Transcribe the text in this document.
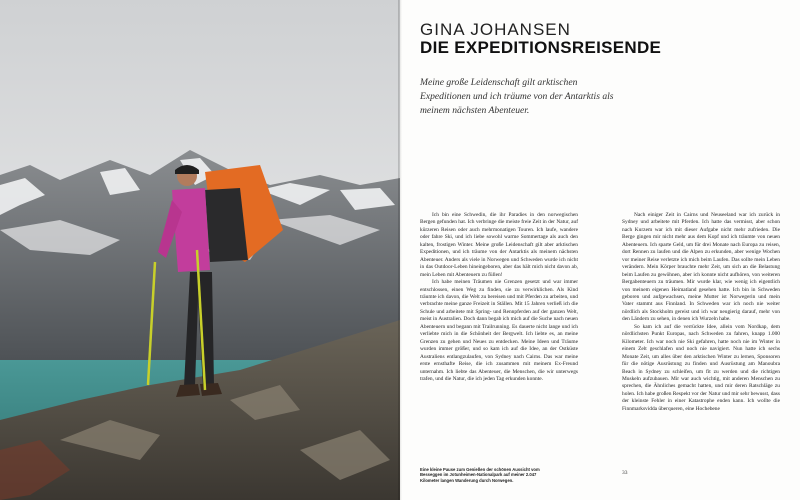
GINA JOHANSEN
DIE EXPEDITIONSREISENDE
Meine große Leidenschaft gilt arktischen Expeditionen und ich träume von der Antarktis als meinem nächsten Abenteuer.

Ich bin eine Schwedin, die ihr Paradies in den norwegischen Bergen gefunden hat. Ich verbringe die meiste freie Zeit in der Natur, auf kürzeren Reisen oder auch mehrmonatigen Touren. Ich laufe, wandere oder fahre Ski, und ich liebe sowohl warme Sommertage als auch den kalten, frostigen Winter. Meine große Leidenschaft gilt aber arktischen Expeditionen, und ich träume von der Antarktis als meinem nächsten Abenteuer. Anders als viele in Norwegen und Schweden wurde ich nicht in das Outdoor-Leben hineingeboren, aber das hält mich nicht davon ab, mein Leben mit Abenteuern zu füllen!

Ich habe meinen Träumen nie Grenzen gesetzt und war immer entschlossen, einen Weg zu finden, sie zu verwirklichen. Als Kind träumte ich davon, die Welt zu bereisen und mit Pferden zu arbeiten, und verbrachte meine ganze Freizeit in Ställen. Mit 15 Jahren verließ ich die Schule und arbeitete mit Spring- und Rennpferden auf der ganzen Welt, meist in Australien. Doch dann begab ich mich auf die Suche nach neuen Abenteuern und begann mit Trailrunning. Es dauerte nicht lange und ich verliebte mich in die Schönheit der Bergwelt. Ich liebte es, an meine Grenzen zu gehen und Neues zu entdecken. Meine Ideen und Träume wurden immer größer, und so kam ich auf die Idee, an der Ostküste Australiens entlangzulaufen, von Sydney nach Cairns. Das war meine erste ernsthafte Reise, die ich zusammen mit meinem Ex-Freund unternahm. Ich liebte das Abenteuer, die Menschen, die wir unterwegs trafen, und die Natur, die ich jeden Tag erkunden konnte.

Nach einiger Zeit in Cairns und Neuseeland war ich zurück in Sydney und arbeitete mit Pferden. Ich hatte das vermisst, aber schon nach Kurzem war ich mit dieser Aufgabe nicht mehr zufrieden. Die Berge gingen mir nicht mehr aus dem Kopf und ich träumte von neuen Abenteuern. Ich sparte Geld, um für drei Monate nach Europa zu reisen, dort Rennen zu laufen und die Alpen zu erkunden, aber wenige Wochen vor meiner Reise verletzte ich mich beim Laufen. Das sollte mein Leben verändern. Mein Körper brauchte mehr Zeit, um sich an die Belastung beim Laufen zu gewöhnen, aber ich konnte nicht aufhören, von weiteren Bergabenteuern zu träumen. Mir wurde klar, wie wenig ich eigentlich von meinem eigenen Heimatland gesehen hatte. Ich bin in Schweden geboren und aufgewachsen, meine Mutter ist Norwegerin und mein Vater stammt aus Finnland. In Schweden war ich noch nie weiter nördlich als Stockholm gereist und ich war neugierig darauf, mehr von den Ländern zu sehen, in denen ich Wurzeln habe.

So kam ich auf die verrückte Idee, allein vom Nordkap, dem nördlichsten Punkt Europas, nach Schweden zu fahren, knapp 1.000 Kilometer. Ich war noch nie Ski gefahren, hatte noch nie im Winter in einem Zelt geschlafen und noch nie navigiert. Nun hatte ich sechs Monate Zeit, um alles über den arktischen Winter zu lernen, Sponsoren für die nötige Ausrüstung zu finden und Ausrüstung am Manoubra Beach in Sydney zu schleifen, um fit zu werden und die richtigen Muskeln aufzubauen. Mir war auch wichtig, mit anderen Menschen zu sprechen, die Ähnliches gemacht hatten, und mir deren Ratschläge zu holen. Ich habe großen Respekt vor der Natur und mir sehr bewusst, dass der kleinste Fehler in einer Katastrophe enden kann. Ich wollte die Finnmarksvidda überqueren, eine Hochebene

33
Eine kleine Pause zum Genießen der schönen Aussicht vom Besseggen im Jotunheimen-Nationalpark auf meiner 2.047 Kilometer langen Wanderung durch Norwegen.
